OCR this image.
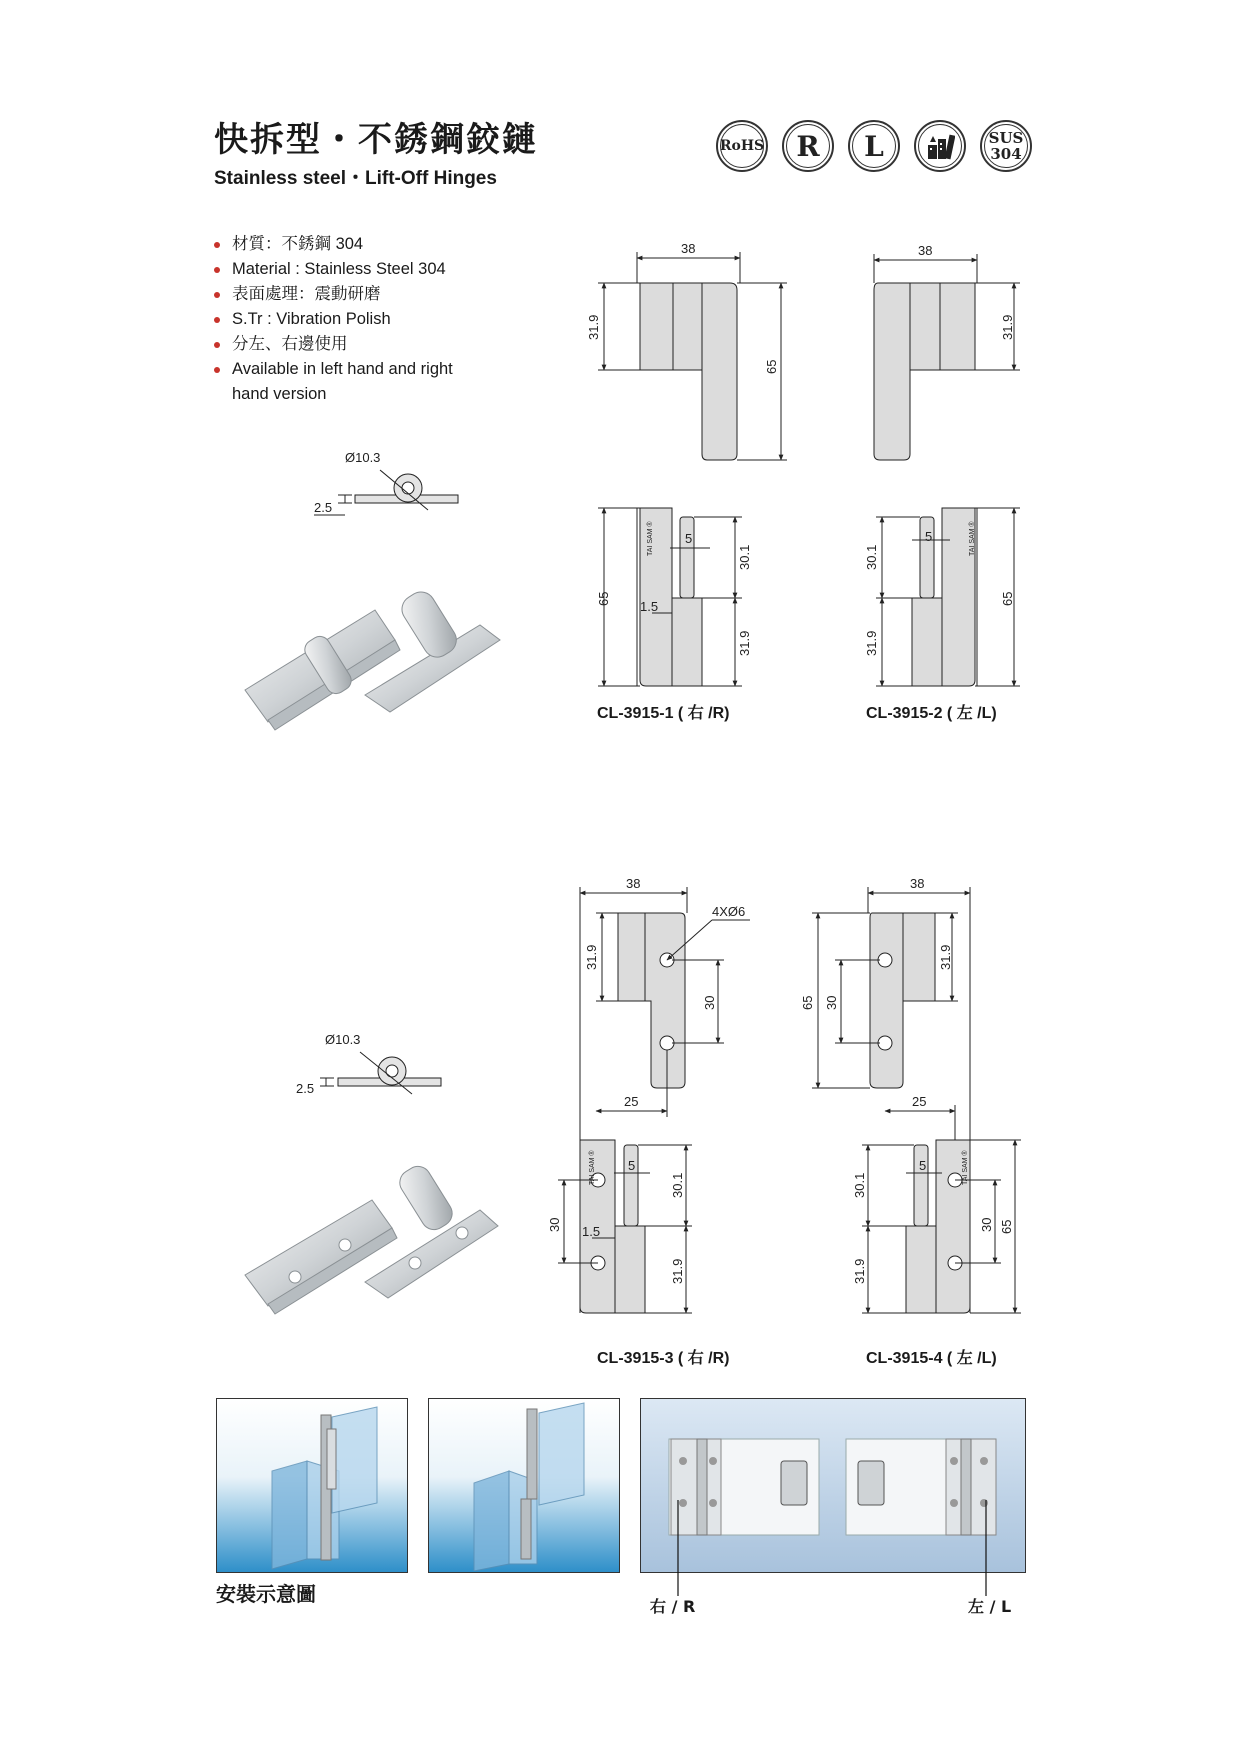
快拆型・不銹鋼鉸鏈
Stainless steel・Lift-Off Hinges
RoHS	R	L	SUS
304
材質：不銹鋼 304
Material : Stainless Steel 304
表面處理：震動研磨
S.Tr : Vibration Polish
分左、右邊使用
Available in left hand and right
hand version
Ø10.3
2.5
Ø10.3
2.5
38
31.9
65
65
30.1
31.9
5
1.5
TAI SAM ®
38
31.9
65
30.1
31.9
5	TAI SAM ®
38
4XØ6
31.9
30
25
30
30.1
31.9
5
1.5
TAI SAM ®
38
31.9
65 30
25
30 65
30.1
31.9
5	TAI SAM ®
CL-3915-1 ( 右 /R)	CL-3915-2 ( 左 /L)
CL-3915-3 ( 右 /R)	CL-3915-4 ( 左 /L)
安裝示意圖
右 / R	左 / L
